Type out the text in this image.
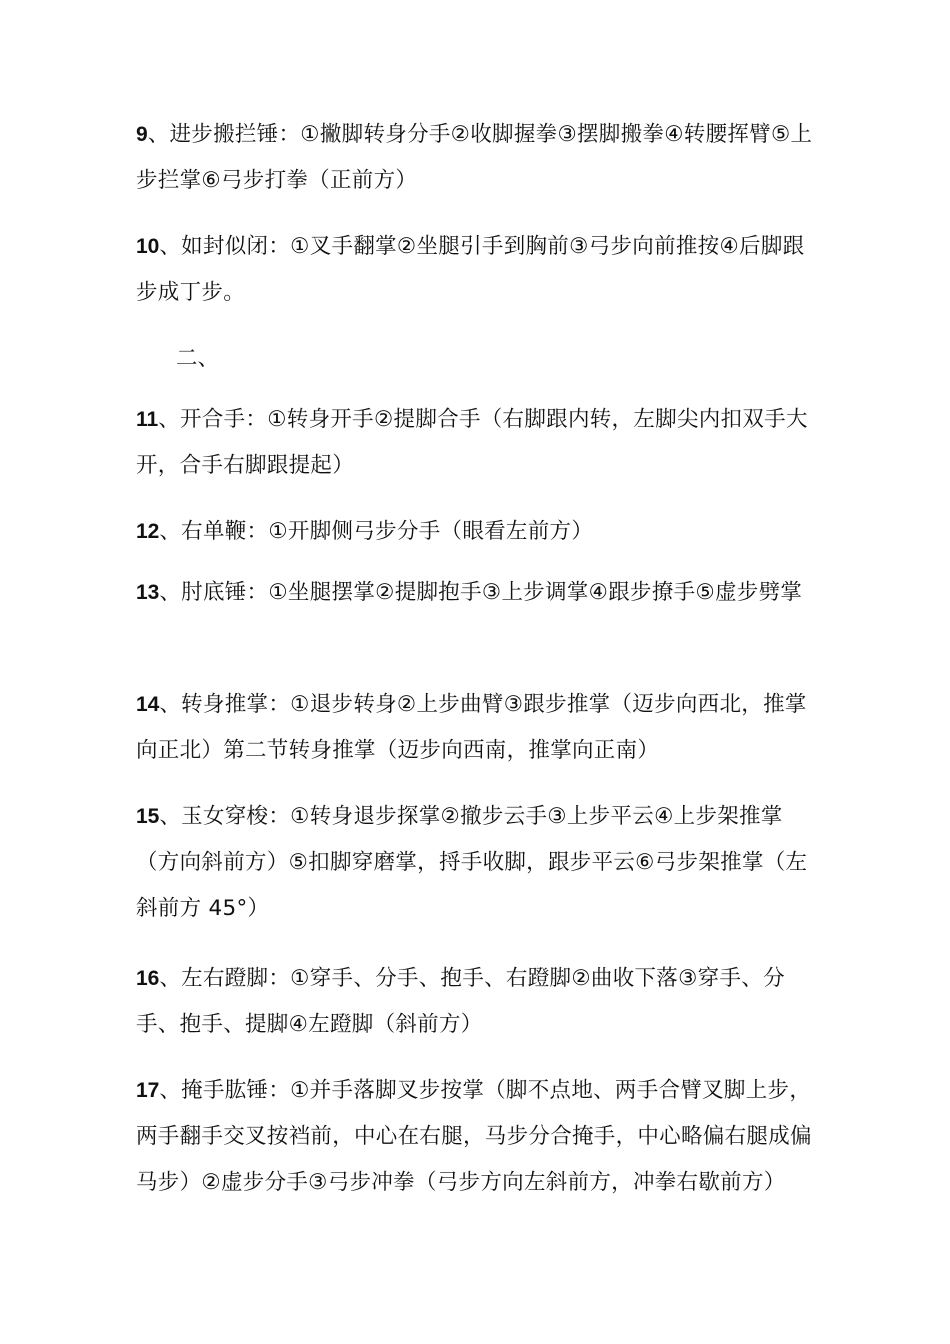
9、进步搬拦锤：①撇脚转身分手②收脚握拳③摆脚搬拳④转腰挥臂⑤上步拦掌⑥弓步打拳（正前方）
10、如封似闭：①叉手翻掌②坐腿引手到胸前③弓步向前推按④后脚跟步成丁步。
二、
11、开合手：①转身开手②提脚合手（右脚跟内转，左脚尖内扣双手大开，合手右脚跟提起）
12、右单鞭：①开脚侧弓步分手（眼看左前方）
13、肘底锤：①坐腿摆掌②提脚抱手③上步调掌④跟步撩手⑤虚步劈掌
14、转身推掌：①退步转身②上步曲臂③跟步推掌（迈步向西北，推掌向正北）第二节转身推掌（迈步向西南，推掌向正南）
15、玉女穿梭：①转身退步探掌②撤步云手③上步平云④上步架推掌（方向斜前方）⑤扣脚穿磨掌，捋手收脚，跟步平云⑥弓步架推掌（左斜前方 45°）
16、左右蹬脚：①穿手、分手、抱手、右蹬脚②曲收下落③穿手、分手、抱手、提脚④左蹬脚（斜前方）
17、掩手肱锤：①并手落脚叉步按掌（脚不点地、两手合臂叉脚上步，两手翻手交叉按裆前，中心在右腿，马步分合掩手，中心略偏右腿成偏马步）②虚步分手③弓步冲拳（弓步方向左斜前方，冲拳右歇前方）
